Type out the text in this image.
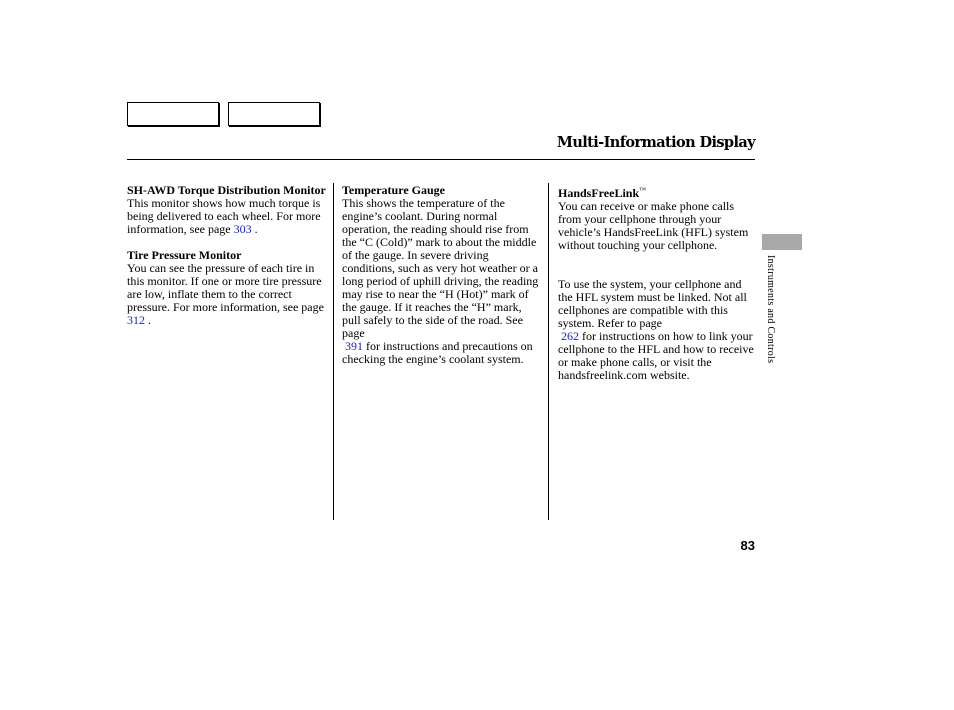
Multi-Information Display

SH-AWD Torque Distribution Monitor

This monitor shows how much torque is being delivered to each wheel. For more information, see page 303 .

Tire Pressure Monitor

You can see the pressure of each tire in this monitor. If one or more tire pressure are low, inflate them to the correct pressure. For more information, see page 312 .

Temperature Gauge

This shows the temperature of the engine’s coolant. During normal operation, the reading should rise from the “C (Cold)” mark to about the middle of the gauge. In severe driving conditions, such as very hot weather or a long period of uphill driving, the reading may rise to near the “H (Hot)” mark of the gauge. If it reaches the “H” mark, pull safely to the side of the road. See page
391 for instructions and precautions on checking the engine’s coolant system.

HandsFreeLink™

You can receive or make phone calls from your cellphone through your vehicle’s HandsFreeLink (HFL) system without touching your cellphone.

To use the system, your cellphone and the HFL system must be linked. Not all cellphones are compatible with this system. Refer to page
262 for instructions on how to link your cellphone to the HFL and how to receive or make phone calls, or visit the handsfreelink.com website.

Instruments and Controls
83
